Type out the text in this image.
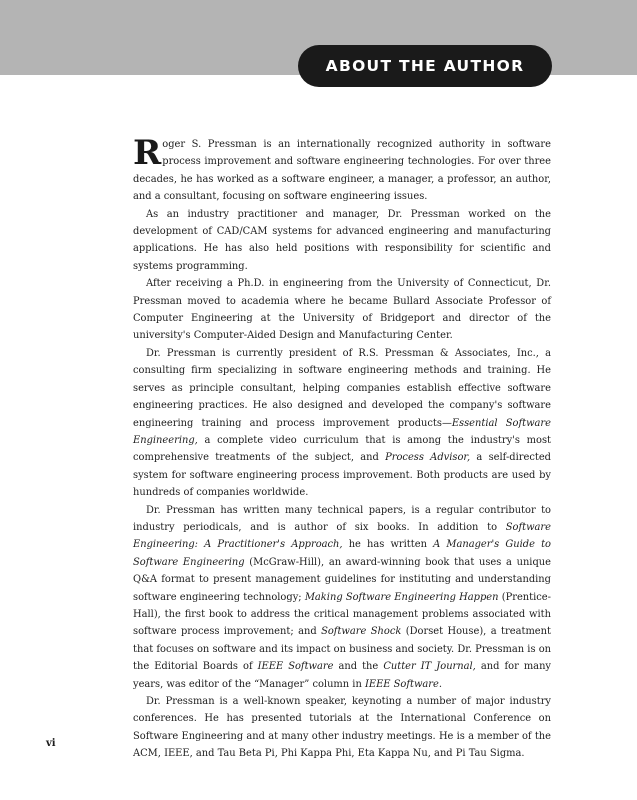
ABOUT THE AUTHOR

Roger S. Pressman is an internationally recognized authority in software process improvement and software engineering technologies. For over three decades, he has worked as a software engineer, a manager, a professor, an author, and a consultant, focusing on software engineering issues.

As an industry practitioner and manager, Dr. Pressman worked on the development of CAD/CAM systems for advanced engineering and manufacturing applications. He has also held positions with responsibility for scientific and systems programming.

After receiving a Ph.D. in engineering from the University of Connecticut, Dr. Pressman moved to academia where he became Bullard Associate Professor of Computer Engineering at the University of Bridgeport and director of the university's Computer-Aided Design and Manufacturing Center.

Dr. Pressman is currently president of R.S. Pressman & Associates, Inc., a consulting firm specializing in software engineering methods and training. He serves as principle consultant, helping companies establish effective software engineering practices. He also designed and developed the company's software engineering training and process improvement products—Essential Software Engineering, a complete video curriculum that is among the industry's most comprehensive treatments of the subject, and Process Advisor, a self-directed system for software engineering process improvement. Both products are used by hundreds of companies worldwide.

Dr. Pressman has written many technical papers, is a regular contributor to industry periodicals, and is author of six books. In addition to Software Engineering: A Practitioner's Approach, he has written A Manager's Guide to Software Engineering (McGraw-Hill), an award-winning book that uses a unique Q&A format to present management guidelines for instituting and understanding software engineering technology; Making Software Engineering Happen (Prentice-Hall), the first book to address the critical management problems associated with software process improvement; and Software Shock (Dorset House), a treatment that focuses on software and its impact on business and society. Dr. Pressman is on the Editorial Boards of IEEE Software and the Cutter IT Journal, and for many years, was editor of the “Manager” column in IEEE Software.

Dr. Pressman is a well-known speaker, keynoting a number of major industry conferences. He has presented tutorials at the International Conference on Software Engineering and at many other industry meetings. He is a member of the ACM, IEEE, and Tau Beta Pi, Phi Kappa Phi, Eta Kappa Nu, and Pi Tau Sigma.

vi
